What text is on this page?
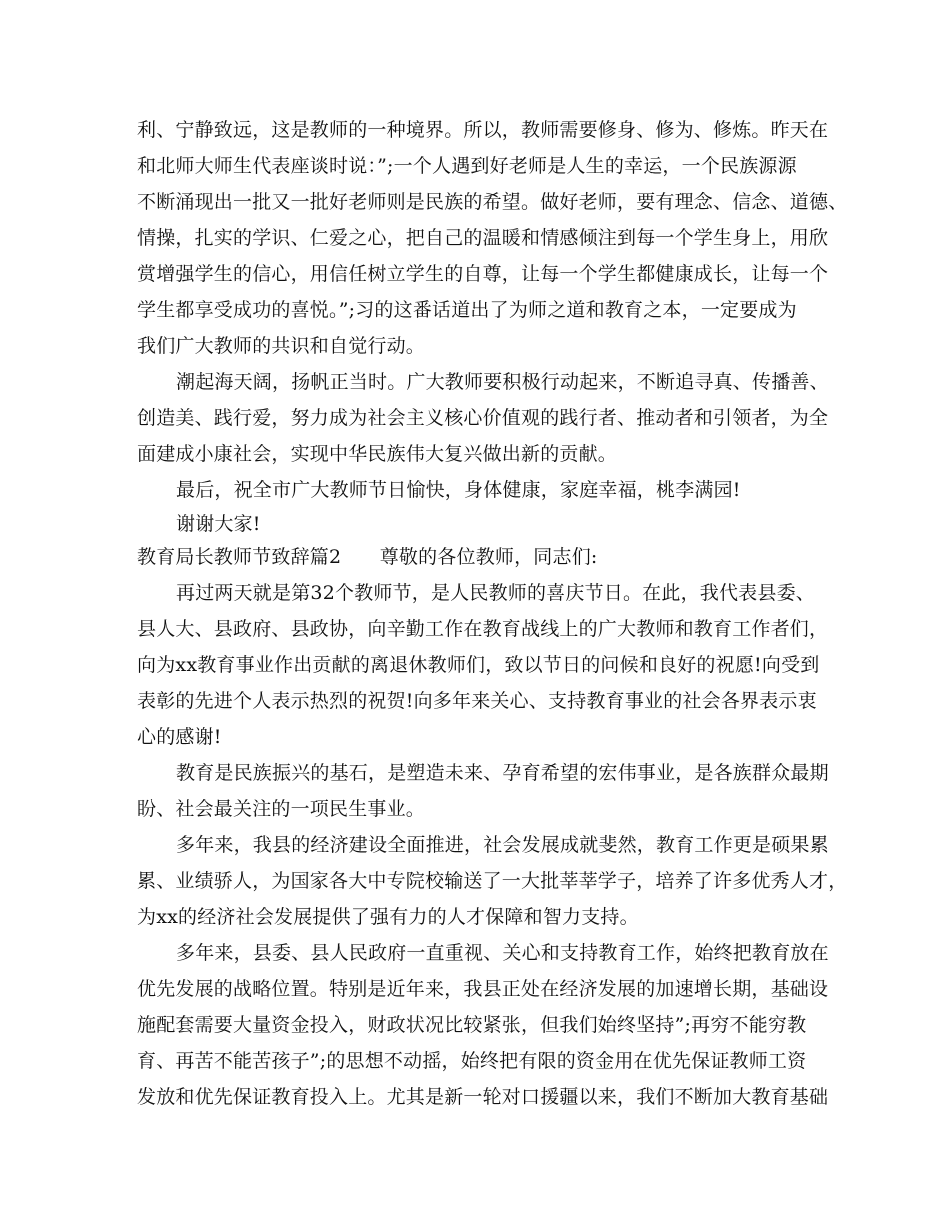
利、宁静致远，这是教师的一种境界。所以，教师需要修身、修为、修炼。昨天在
和北师大师生代表座谈时说：”;一个人遇到好老师是人生的幸运，一个民族源源
不断涌现出一批又一批好老师则是民族的希望。做好老师，要有理念、信念、道德、
情操，扎实的学识、仁爱之心，把自己的温暖和情感倾注到每一个学生身上，用欣
赏增强学生的信心，用信任树立学生的自尊，让每一个学生都健康成长，让每一个
学生都享受成功的喜悦。”;习的这番话道出了为师之道和教育之本，一定要成为
我们广大教师的共识和自觉行动。
潮起海天阔，扬帆正当时。广大教师要积极行动起来，不断追寻真、传播善、
创造美、践行爱，努力成为社会主义核心价值观的践行者、推动者和引领者，为全
面建成小康社会，实现中华民族伟大复兴做出新的贡献。
最后，祝全市广大教师节日愉快，身体健康，家庭幸福，桃李满园!
谢谢大家!
教育局长教师节致辞篇2　　尊敬的各位教师，同志们:
再过两天就是第32个教师节，是人民教师的喜庆节日。在此，我代表县委、
县人大、县政府、县政协，向辛勤工作在教育战线上的广大教师和教育工作者们，
向为xx教育事业作出贡献的离退休教师们，致以节日的问候和良好的祝愿!向受到
表彰的先进个人表示热烈的祝贺!向多年来关心、支持教育事业的社会各界表示衷
心的感谢!
教育是民族振兴的基石，是塑造未来、孕育希望的宏伟事业，是各族群众最期
盼、社会最关注的一项民生事业。
多年来，我县的经济建设全面推进，社会发展成就斐然，教育工作更是硕果累
累、业绩骄人，为国家各大中专院校输送了一大批莘莘学子，培养了许多优秀人才，
为xx的经济社会发展提供了强有力的人才保障和智力支持。
多年来，县委、县人民政府一直重视、关心和支持教育工作，始终把教育放在
优先发展的战略位置。特别是近年来，我县正处在经济发展的加速增长期，基础设
施配套需要大量资金投入，财政状况比较紧张，但我们始终坚持”;再穷不能穷教
育、再苦不能苦孩子”;的思想不动摇，始终把有限的资金用在优先保证教师工资
发放和优先保证教育投入上。尤其是新一轮对口援疆以来，我们不断加大教育基础
